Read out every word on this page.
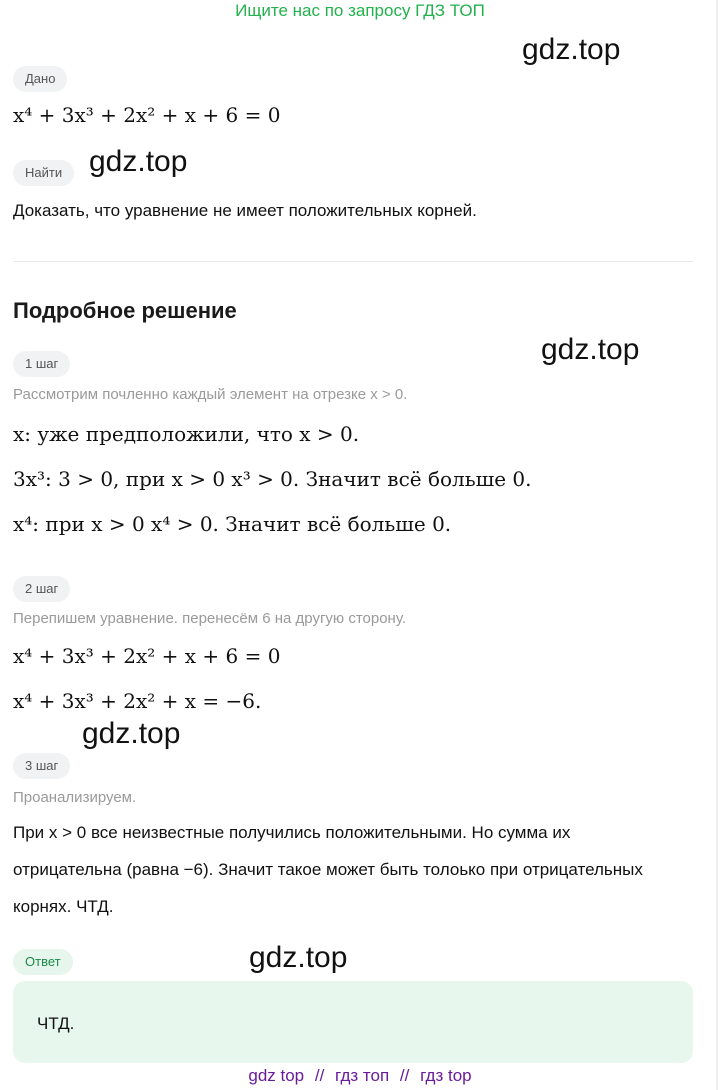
Ищите нас по запросу ГДЗ ТОП
gdz.top
gdz.top
gdz.top
gdz.top
gdz.top
Дано
x⁴ + 3x³ + 2x² + x + 6 = 0
Найти
Доказать, что уравнение не имеет положительных корней.
Подробное решение
1 шаг
Рассмотрим почленно каждый элемент на отрезке x > 0.
x: уже предположили, что x > 0.
3x³: 3 > 0, при x > 0 x³ > 0. Значит всё больше 0.
x⁴: при x > 0 x⁴ > 0. Значит всё больше 0.
2 шаг
Перепишем уравнение. перенесём 6 на другую сторону.
x⁴ + 3x³ + 2x² + x + 6 = 0
x⁴ + 3x³ + 2x² + x = −6.
3 шаг
Проанализируем.
При x > 0 все неизвестные получились положительными. Но сумма их отрицательна (равна −6). Значит такое может быть толоько при отрицательных корнях. ЧТД.
Ответ
ЧТД.
gdz top // гдз топ // гдз top
